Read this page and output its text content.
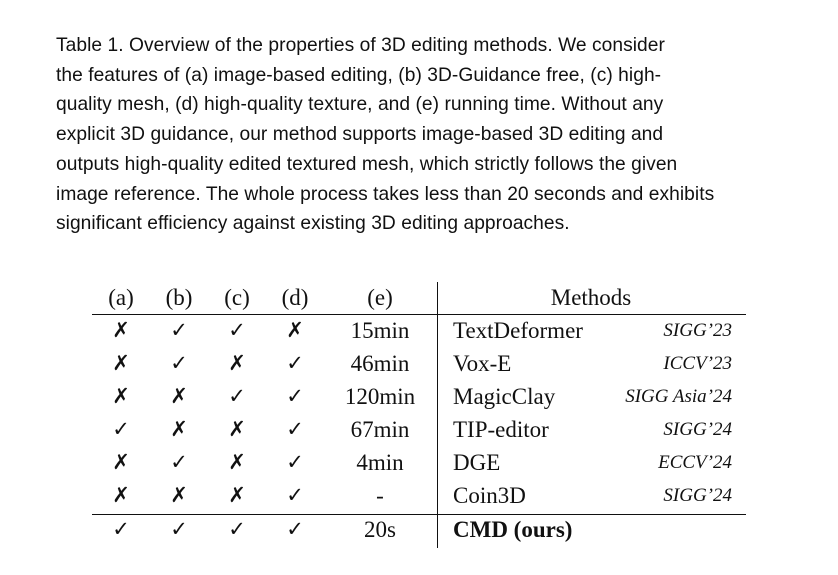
Table 1. Overview of the properties of 3D editing methods. We consider
the features of (a) image-based editing, (b) 3D-Guidance free, (c) high-
quality mesh, (d) high-quality texture, and (e) running time. Without any
explicit 3D guidance, our method supports image-based 3D editing and
outputs high-quality edited textured mesh, which strictly follows the given
image reference. The whole process takes less than 20 seconds and exhibits
significant efficiency against existing 3D editing approaches.
(a) (b) (c) (d)	(e)	Methods
✗ ✓ ✓ ✗ 15min TextDeformer	SIGG’23
✗ ✓ ✗ ✓ 46min Vox-E	ICCV’23
✗ ✗ ✓ ✓ 120min MagicClay	SIGG Asia’24
✓ ✗ ✗ ✓ 67min TIP-editor	SIGG’24
✗ ✓ ✗ ✓ 4min DGE	ECCV’24
✗ ✗ ✗ ✓	-	Coin3D	SIGG’24
✓ ✓ ✓ ✓	20s CMD (ours)
